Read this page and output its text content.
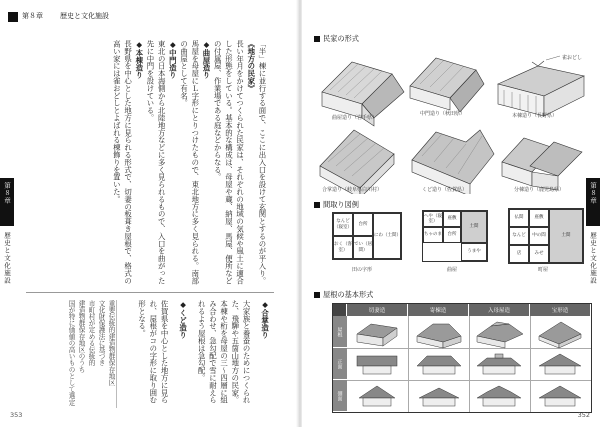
第８章 歴史と文化施設
第８章
歴史と文化施設	「半」棟に並行する面で、ここに出入口を設けて玄関とするのが平入り。

《地方の民家》

長い年月をかけてつくられた民家は、それぞれの地域の気候や風土に適合した形態をしている。基本的な構成は、母屋や蔵、納屋、馬屋、便所などの付属屋、作業場である庭などからなる。

◆曲屋造り

馬屋を母屋にＬ字形にとりつけたもので、東北地方に多く見られる。南部の曲屋として有名。

◆中門造り

東北の日本海側から北陸地方などに多く見られるもので、入口を曲がった先に中門を設けている。

◆本棟造り

長野県を中心とした地方に見られる形式で、切妻の板葺き屋根で、格式の高い家には雀おどしとよばれる棟飾りを置いた。

◆合掌造り

大家族と養蚕のためにつくられた、飛騨や五箇山地方の民家。本棟や桁を母屋の三～四層に組み合わせ、急勾配で雪に耐えられるよう屋根は急勾配。

◆くど造り

佐賀県を中心とした地方に見られ、屋根がコの字形に取り囲む形となる。

重要伝統的建造物群保存地区
文化財保護法に基づき
市町村が定める伝統的
建造物群保存地区のうち
国が特に価値の高いものとして選定
353
第８章
歴史と文化施設
民家の形式
曲屋造り（岩手県）
中門造り（秋田県）	本棟造り（長野県）
雀おどし
合掌造り（岐阜県白川村）	くど造り（佐賀県）	分棟造り（鹿児島県）
間取り図例
なんど（寝室）
台所
おく（客室）
でい（居間）
にわ（土間）
田の字形
へや（寝室）
座敷
ちゃのま	台所
土間
うまや
曲屋
仏間	座敷
なんど	中の間
店	みせ
土間
町屋
屋根の基本形式
切妻造	寄棟造	入母屋造	宝形造
屋根
正面
側面
352
